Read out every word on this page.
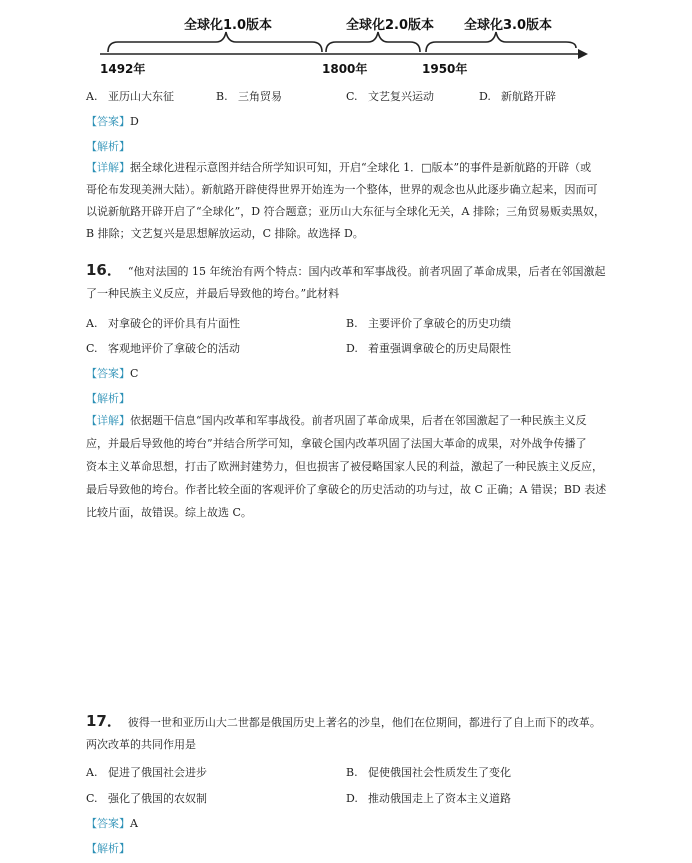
全球化1.0版本	全球化2.0版本 全球化3.0版本
1492年	1800年	1950年
A. 亚历山大东征	B. 三角贸易	C. 文艺复兴运动	D. 新航路开辟
【答案】D
【解析】
【详解】据全球化进程示意图并结合所学知识可知，开启“全球化 1．□版本”的事件是新航路的开辟（或
哥伦布发现美洲大陆）。新航路开辟使得世界开始连为一个整体，世界的观念也从此逐步确立起来，因而可
以说新航路开辟开启了“全球化”，D 符合题意；亚历山大东征与全球化无关，A 排除；三角贸易贩卖黑奴，
B 排除；文艺复兴是思想解放运动，C 排除。故选择 D。
16． “他对法国的 15 年统治有两个特点：国内改革和军事战役。前者巩固了革命成果，后者在邻国激起
了一种民族主义反应，并最后导致他的垮台。”此材料
A. 对拿破仑的评价具有片面性	B. 主要评价了拿破仑的历史功绩
C. 客观地评价了拿破仑的活动	D. 着重强调拿破仑的历史局限性
【答案】C
【解析】
【详解】依据题干信息“国内改革和军事战役。前者巩固了革命成果，后者在邻国激起了一种民族主义反
应，并最后导致他的垮台”并结合所学可知，拿破仑国内改革巩固了法国大革命的成果，对外战争传播了
资本主义革命思想，打击了欧洲封建势力，但也损害了被侵略国家人民的利益，激起了一种民族主义反应，
最后导致他的垮台。作者比较全面的客观评价了拿破仑的历史活动的功与过，故 C 正确；A 错误；BD 表述
比较片面，故错误。综上故选 C。
17． 彼得一世和亚历山大二世都是俄国历史上著名的沙皇，他们在位期间，都进行了自上而下的改革。
两次改革的共同作用是
A. 促进了俄国社会进步	B. 促使俄国社会性质发生了变化
C. 强化了俄国的农奴制	D. 推动俄国走上了资本主义道路
【答案】A
【解析】
